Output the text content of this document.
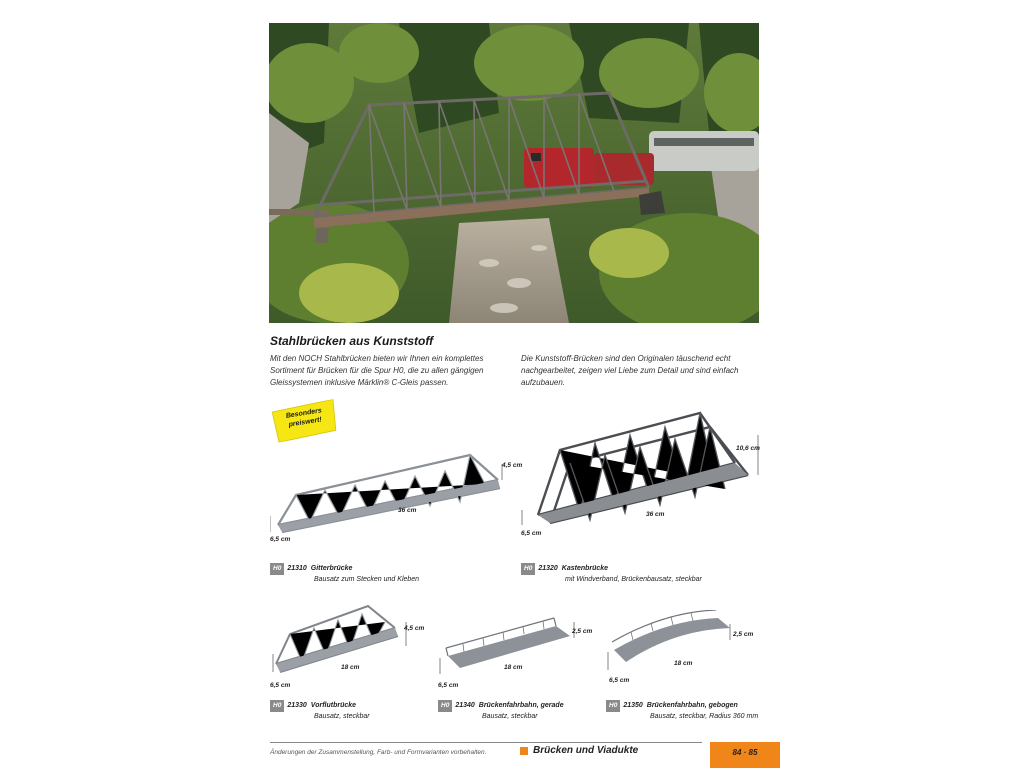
Stahlbrücken aus Kunststoff
Mit den NOCH Stahlbrücken bieten wir Ihnen ein komplettes Sortiment für Brücken für die Spur H0, die zu allen gängigen Gleissystemen inklusive Märklin® C-Gleis passen.
Die Kunststoff-Brücken sind den Originalen täuschend echt nachgearbeitet, zeigen viel Liebe zum Detail und sind einfach aufzubauen.
Besonders
preiswert!
36 cm
4,5 cm
6,5 cm
H0 21310 Gitterbrücke
Bausatz zum Stecken und Kleben
36 cm
10,6 cm
6,5 cm
H0 21320 Kastenbrücke
mit Windverband, Brückenbausatz, steckbar
18 cm
4,5 cm
6,5 cm
H0 21330 Vorflutbrücke
Bausatz, steckbar
18 cm
2,5 cm
6,5 cm
H0 21340 Brückenfahrbahn, gerade
Bausatz, steckbar
18 cm
2,5 cm
6,5 cm
H0 21350 Brückenfahrbahn, gebogen
Bausatz, steckbar, Radius 360 mm
Änderungen der Zusammenstellung, Farb- und Formvarianten vorbehalten.	Brücken und Viadukte	84 · 85
